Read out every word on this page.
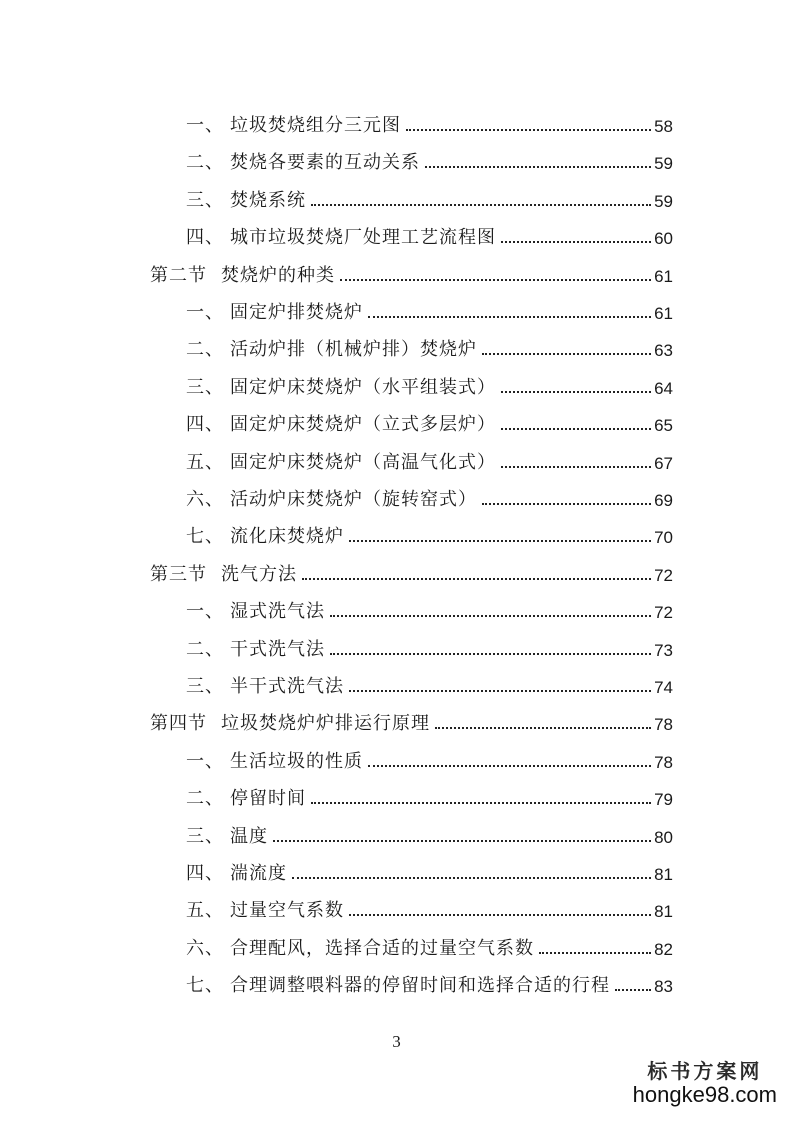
一、 垃圾焚烧组分三元图	58
二、 焚烧各要素的互动关系	59
三、 焚烧系统	59
四、 城市垃圾焚烧厂处理工艺流程图	60
第二节 焚烧炉的种类	61
一、 固定炉排焚烧炉	61
二、 活动炉排（机械炉排）焚烧炉	63
三、 固定炉床焚烧炉（水平组装式）	64
四、 固定炉床焚烧炉（立式多层炉）	65
五、 固定炉床焚烧炉（高温气化式）	67
六、 活动炉床焚烧炉（旋转窑式）	69
七、 流化床焚烧炉	70
第三节 洗气方法	72
一、 湿式洗气法	72
二、 干式洗气法	73
三、 半干式洗气法	74
第四节 垃圾焚烧炉炉排运行原理	78
一、 生活垃圾的性质	78
二、 停留时间	79
三、 温度	80
四、 湍流度	81
五、 过量空气系数	81
六、 合理配风，选择合适的过量空气系数	82
七、 合理调整喂料器的停留时间和选择合适的行程	83
3
标书方案网
hongke98.com
